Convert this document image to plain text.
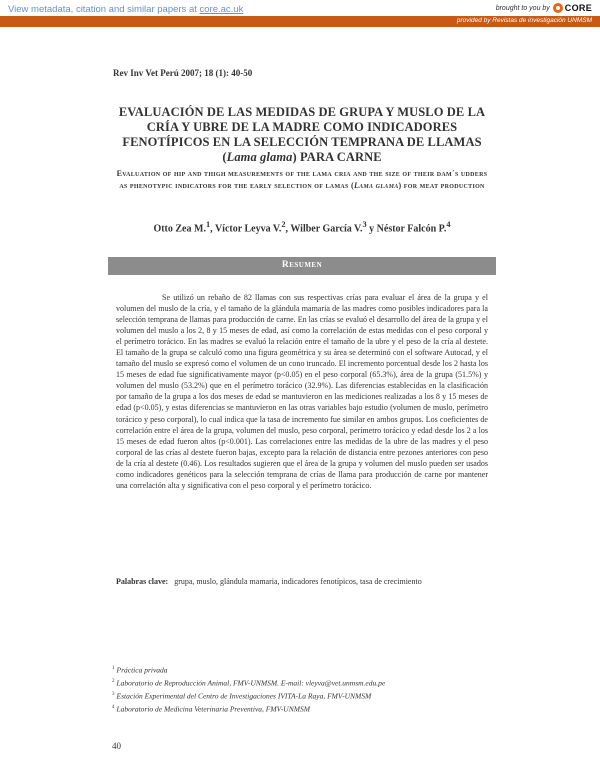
View metadata, citation and similar papers at core.ac.uk	brought to you by CORE
provided by Revistas de investigación UNMSM
Rev Inv Vet Perú 2007; 18 (1): 40-50
EVALUACIÓN DE LAS MEDIDAS DE GRUPA Y MUSLO DE LA CRÍA Y UBRE DE LA MADRE COMO INDICADORES FENOTÍPICOS EN LA SELECCIÓN TEMPRANA DE LLAMAS (Lama glama) PARA CARNE
Evaluation of hip and thigh measurements of the lama cria and the size of their dam´s udders as phenotypic indicators for the early selection of lamas (Lama glama) for meat production
Otto Zea M.$^1$, Víctor Leyva V.$^2$, Wilber García V.$^3$ y Néstor Falcón P.$^4$
Resumen

Se utilizó un rebaño de 82 llamas con sus respectivas crías para evaluar el área de la grupa y el volumen del muslo de la cría, y el tamaño de la glándula mamaria de las madres como posibles indicadores para la selección temprana de llamas para producción de carne. En las crías se evaluó el desarrollo del área de la grupa y el volumen del muslo a los 2, 8 y 15 meses de edad, así como la correlación de estas medidas con el peso corporal y el perímetro torácico. En las madres se evaluó la relación entre el tamaño de la ubre y el peso de la cría al destete. El tamaño de la grupa se calculó como una figura geométrica y su área se determinó con el software Autocad, y el tamaño del muslo se expresó como el volumen de un cono truncado. El incremento porcentual desde los 2 hasta los 15 meses de edad fue significativamente mayor (p<0.05) en el peso corporal (65.3%), área de la grupa (51.5%) y volumen del muslo (53.2%) que en el perímetro torácico (32.9%). Las diferencias establecidas en la clasificación por tamaño de la grupa a los dos meses de edad se mantuvieron en las mediciones realizadas a los 8 y 15 meses de edad (p<0.05), y estas diferencias se mantuvieron en las otras variables bajo estudio (volumen de muslo, perímetro torácico y peso corporal), lo cual indica que la tasa de incremento fue similar en ambos grupos. Los coeficientes de correlación entre el área de la grupa, volumen del muslo, peso corporal, perímetro torácico y edad desde los 2 a los 15 meses de edad fueron altos (p<0.001). Las correlaciones entre las medidas de la ubre de las madres y el peso corporal de las crías al destete fueron bajas, excepto para la relación de distancia entre pezones anteriores con peso de la cría al destete (0.46). Los resultados sugieren que el área de la grupa y volumen del muslo pueden ser usados como indicadores genéticos para la selección temprana de crías de llama para producción de carne por mantener una correlación alta y significativa con el peso corporal y el perímetro torácico.

Palabras clave: grupa, muslo, glándula mamaria, indicadores fenotípicos, tasa de crecimiento
$^1$ Práctica privada
$^2$ Laboratorio de Reproducción Animal, FMV-UNMSM. E-mail: vleyva@vet.unmsm.edu.pe
$^3$ Estación Experimental del Centro de Investigaciones IVITA-La Raya, FMV-UNMSM
$^4$ Laboratorio de Medicina Veterinaria Preventiva, FMV-UNMSM
40
